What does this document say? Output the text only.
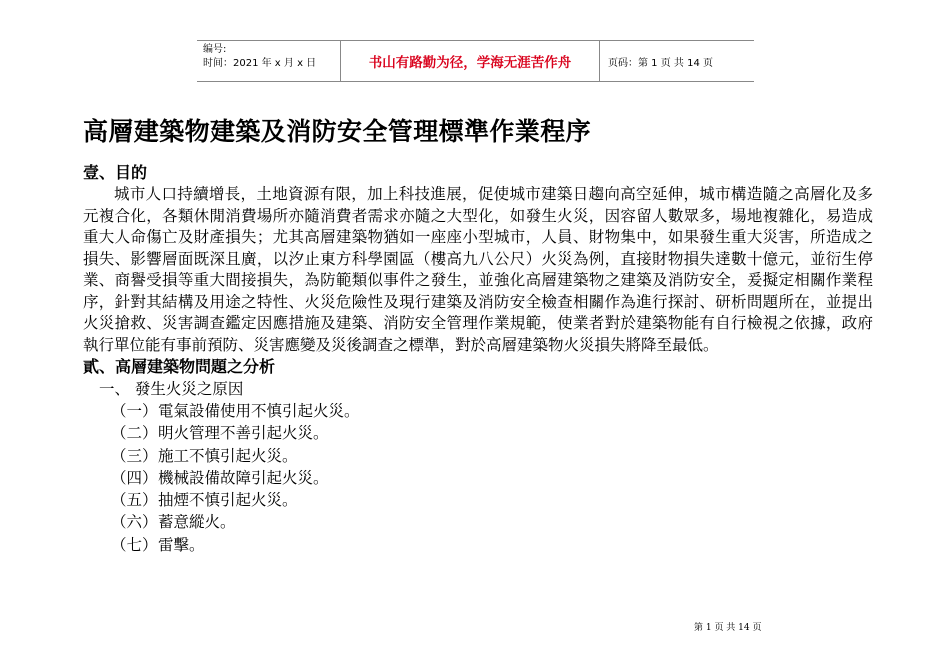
编号:
时间：2021 年 x 月 x 日	书山有路勤为径，学海无涯苦作舟	页码：第 1 页 共 14 页
高層建築物建築及消防安全管理標準作業程序
壹、目的

城市人口持續增長，土地資源有限，加上科技進展，促使城市建築日趨向高空延伸，城市構造隨之高層化及多元複合化，各類休閒消費場所亦隨消費者需求亦隨之大型化，如發生火災，因容留人數眾多，場地複雜化，易造成重大人命傷亡及財產損失；尤其高層建築物猶如一座座小型城市，人員、財物集中，如果發生重大災害，所造成之損失、影響層面既深且廣，以汐止東方科學園區（樓高九八公尺）火災為例，直接財物損失達數十億元，並衍生停業、商譽受損等重大間接損失，為防範類似事件之發生，並強化高層建築物之建築及消防安全，爰擬定相關作業程序，針對其結構及用途之特性、火災危險性及現行建築及消防安全檢查相關作為進行探討、研析問題所在，並提出火災搶救、災害調查鑑定因應措施及建築、消防安全管理作業規範，使業者對於建築物能有自行檢視之依據，政府執行單位能有事前預防、災害應變及災後調查之標準，對於高層建築物火災損失將降至最低。

貳、高層建築物問題之分析
一、 發生火災之原因
（一）電氣設備使用不慎引起火災。
（二）明火管理不善引起火災。
（三）施工不慎引起火災。
（四）機械設備故障引起火災。
（五）抽煙不慎引起火災。
（六）蓄意縱火。
（七）雷擊。
第 1 页 共 14 页
